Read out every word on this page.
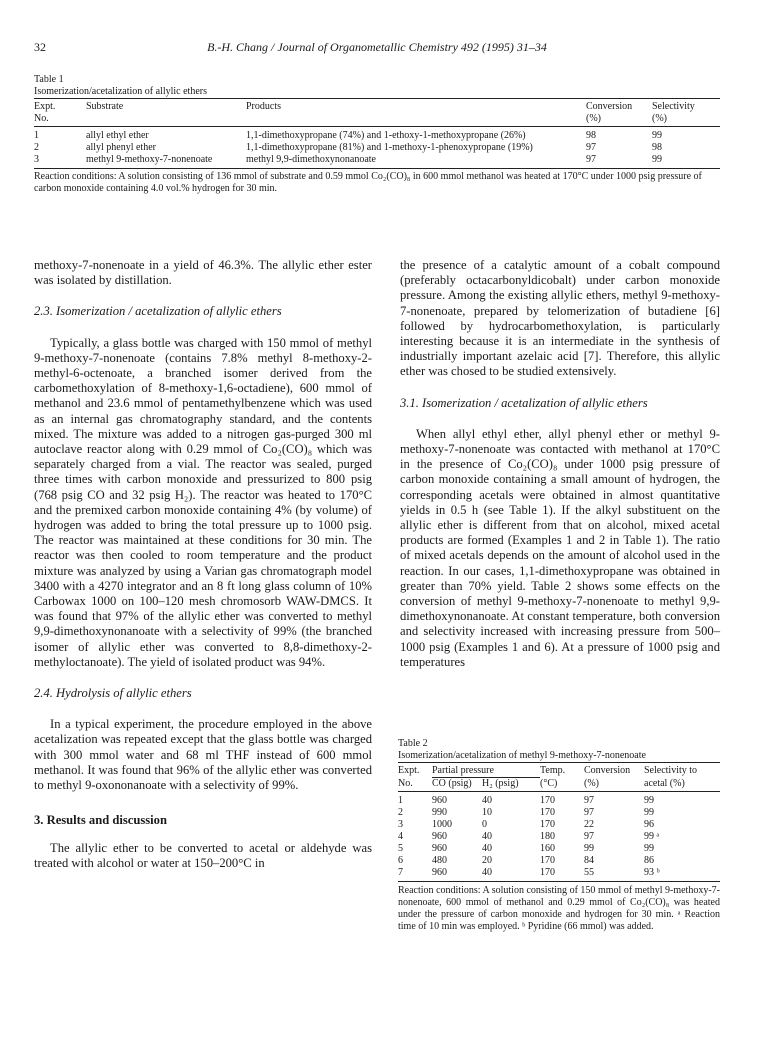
32	B.-H. Chang / Journal of Organometallic Chemistry 492 (1995) 31–34

Table 1

Isomerization/acetalization of allylic ethers

Expt.	Substrate	Products	Conversion	Selectivity
No.			(%)	(%)
1	allyl ethyl ether	1,1-dimethoxypropane (74%) and 1-ethoxy-1-methoxypropane (26%)	98	99
2	allyl phenyl ether	1,1-dimethoxypropane (81%) and 1-methoxy-1-phenoxypropane (19%)	97	98
3	methyl 9-methoxy-7-nonenoate	methyl 9,9-dimethoxynonanoate	97	99

Reaction conditions: A solution consisting of 136 mmol of substrate and 0.59 mmol Co₂(CO)₈ in 600 mmol methanol was heated at 170°C under 1000 psig pressure of carbon monoxide containing 4.0 vol.% hydrogen for 30 min.

methoxy-7-nonenoate in a yield of 46.3%. The allylic ether ester was isolated by distillation.

2.3. Isomerization / acetalization of allylic ethers

Typically, a glass bottle was charged with 150 mmol of methyl 9-methoxy-7-nonenoate (contains 7.8% methyl 8-methoxy-2-methyl-6-octenoate, a branched isomer derived from the carbomethoxylation of 8-methoxy-1,6-octadiene), 600 mmol of methanol and 23.6 mmol of pentamethylbenzene which was used as an internal gas chromatography standard, and the contents mixed. The mixture was added to a nitrogen gas-purged 300 ml autoclave reactor along with 0.29 mmol of Co₂(CO)₈ which was separately charged from a vial. The reactor was sealed, purged three times with carbon monoxide and pressurized to 800 psig (768 psig CO and 32 psig H₂). The reactor was heated to 170°C and the premixed carbon monoxide containing 4% (by volume) of hydrogen was added to bring the total pressure up to 1000 psig. The reactor was maintained at these conditions for 30 min. The reactor was then cooled to room temperature and the product mixture was analyzed by using a Varian gas chromatograph model 3400 with a 4270 integrator and an 8 ft long glass column of 10% Carbowax 1000 on 100–120 mesh chromosorb WAW-DMCS. It was found that 97% of the allylic ether was converted to methyl 9,9-dimethoxynonanoate with a selectivity of 99% (the branched isomer of allylic ether was converted to 8,8-dimethoxy-2-methyloctanoate). The yield of isolated product was 94%.

2.4. Hydrolysis of allylic ethers

In a typical experiment, the procedure employed in the above acetalization was repeated except that the glass bottle was charged with 300 mmol water and 68 ml THF instead of 600 mmol methanol. It was found that 96% of the allylic ether was converted to methyl 9-oxononanoate with a selectivity of 99%.

3. Results and discussion

The allylic ether to be converted to acetal or aldehyde was treated with alcohol or water at 150–200°C in

the presence of a catalytic amount of a cobalt compound (preferably octacarbonyldicobalt) under carbon monoxide pressure. Among the existing allylic ethers, methyl 9-methoxy-7-nonenoate, prepared by telomerization of butadiene [6] followed by hydrocarbomethoxylation, is particularly interesting because it is an intermediate in the synthesis of industrially important azelaic acid [7]. Therefore, this allylic ether was chosed to be studied extensively.

3.1. Isomerization / acetalization of allylic ethers

When allyl ethyl ether, allyl phenyl ether or methyl 9-methoxy-7-nonenoate was contacted with methanol at 170°C in the presence of Co₂(CO)₈ under 1000 psig pressure of carbon monoxide containing a small amount of hydrogen, the corresponding acetals were obtained in almost quantitative yields in 0.5 h (see Table 1). If the alkyl substituent on the allylic ether is different from that on alcohol, mixed acetal products are formed (Examples 1 and 2 in Table 1). The ratio of mixed acetals depends on the amount of alcohol used in the reaction. In our cases, 1,1-dimethoxypropane was obtained in greater than 70% yield. Table 2 shows some effects on the conversion of methyl 9-methoxy-7-nonenoate to methyl 9,9-dimethoxynonanoate. At constant temperature, both conversion and selectivity increased with increasing pressure from 500–1000 psig (Examples 1 and 6). At a pressure of 1000 psig and temperatures

Table 2

Isomerization/acetalization of methyl 9-methoxy-7-nonenoate

Expt.	Partial pressure		Temp.	Conversion	Selectivity to
No.	CO (psig)	H₂ (psig)	(°C)	(%)	acetal (%)
1	960	40	170	97	99
2	990	10	170	97	99
3	1000	0	170	22	96
4	960	40	180	97	99 ᵃ
5	960	40	160	99	99
6	480	20	170	84	86
7	960	40	170	55	93 ᵇ

Reaction conditions: A solution consisting of 150 mmol of methyl 9-methoxy-7-nonenoate, 600 mmol of methanol and 0.29 mmol of Co₂(CO)₈ was heated under the pressure of carbon monoxide and hydrogen for 30 min. ᵃ Reaction time of 10 min was employed. ᵇ Pyridine (66 mmol) was added.
